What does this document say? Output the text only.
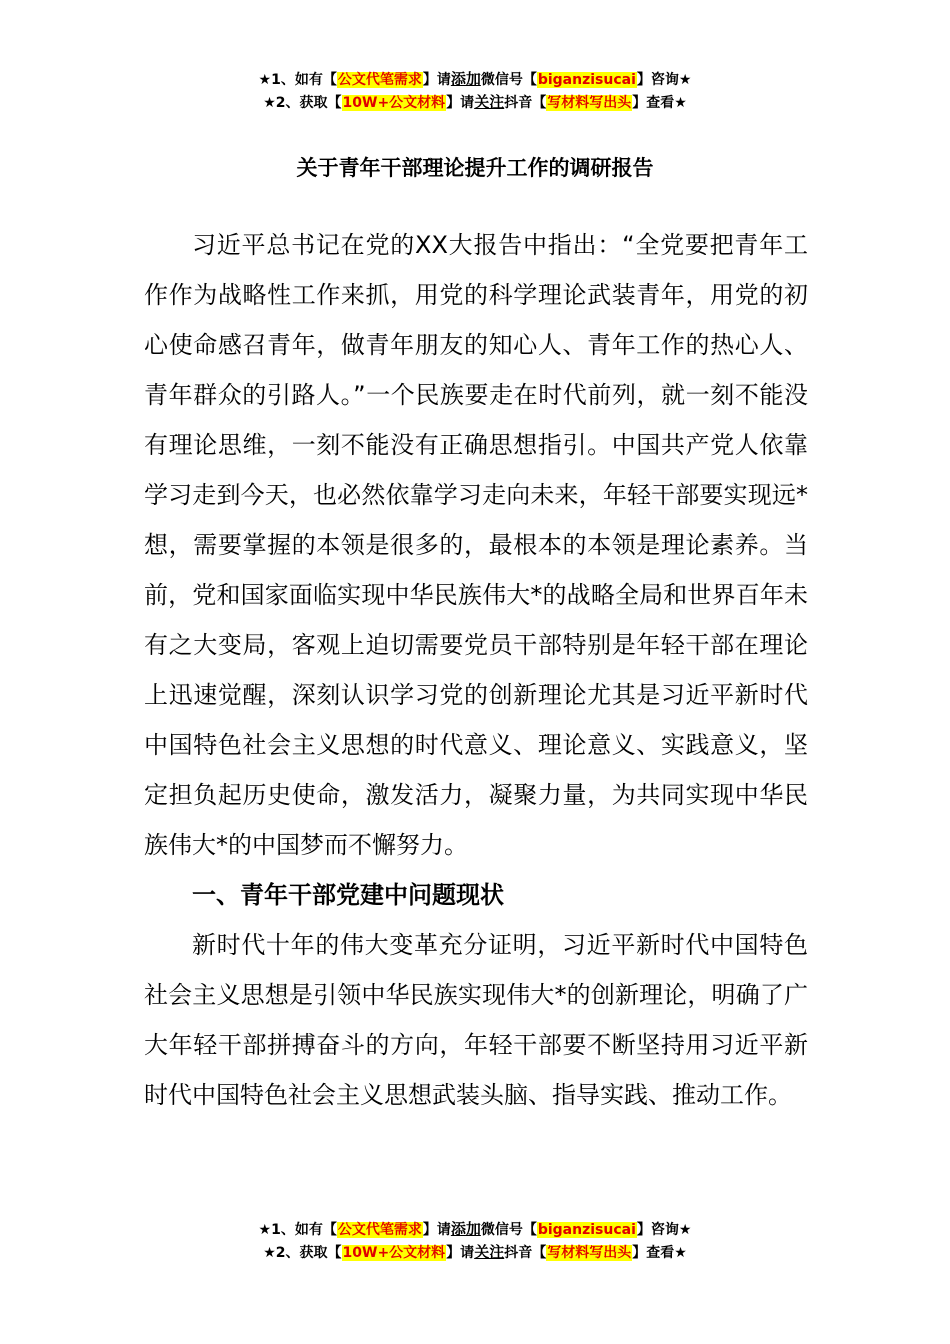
★1、如有【公文代笔需求】请添加微信号【biganzisucai】咨询★
★2、获取【10W+公文材料】请关注抖音【写材料写出头】查看★
关于青年干部理论提升工作的调研报告

习近平总书记在党的XX大报告中指出：“全党要把青年工作作为战略性工作来抓，用党的科学理论武装青年，用党的初心使命感召青年，做青年朋友的知心人、青年工作的热心人、青年群众的引路人。”一个民族要走在时代前列，就一刻不能没有理论思维，一刻不能没有正确思想指引。中国共产党人依靠学习走到今天，也必然依靠学习走向未来，年轻干部要实现远*想，需要掌握的本领是很多的，最根本的本领是理论素养。当前，党和国家面临实现中华民族伟大*的战略全局和世界百年未有之大变局，客观上迫切需要党员干部特别是年轻干部在理论上迅速觉醒，深刻认识学习党的创新理论尤其是习近平新时代中国特色社会主义思想的时代意义、理论意义、实践意义，坚定担负起历史使命，激发活力，凝聚力量，为共同实现中华民族伟大*的中国梦而不懈努力。

一、青年干部党建中问题现状

新时代十年的伟大变革充分证明，习近平新时代中国特色社会主义思想是引领中华民族实现伟大*的创新理论，明确了广大年轻干部拼搏奋斗的方向，年轻干部要不断坚持用习近平新时代中国特色社会主义思想武装头脑、指导实践、推动工作。

★1、如有【公文代笔需求】请添加微信号【biganzisucai】咨询★
★2、获取【10W+公文材料】请关注抖音【写材料写出头】查看★
